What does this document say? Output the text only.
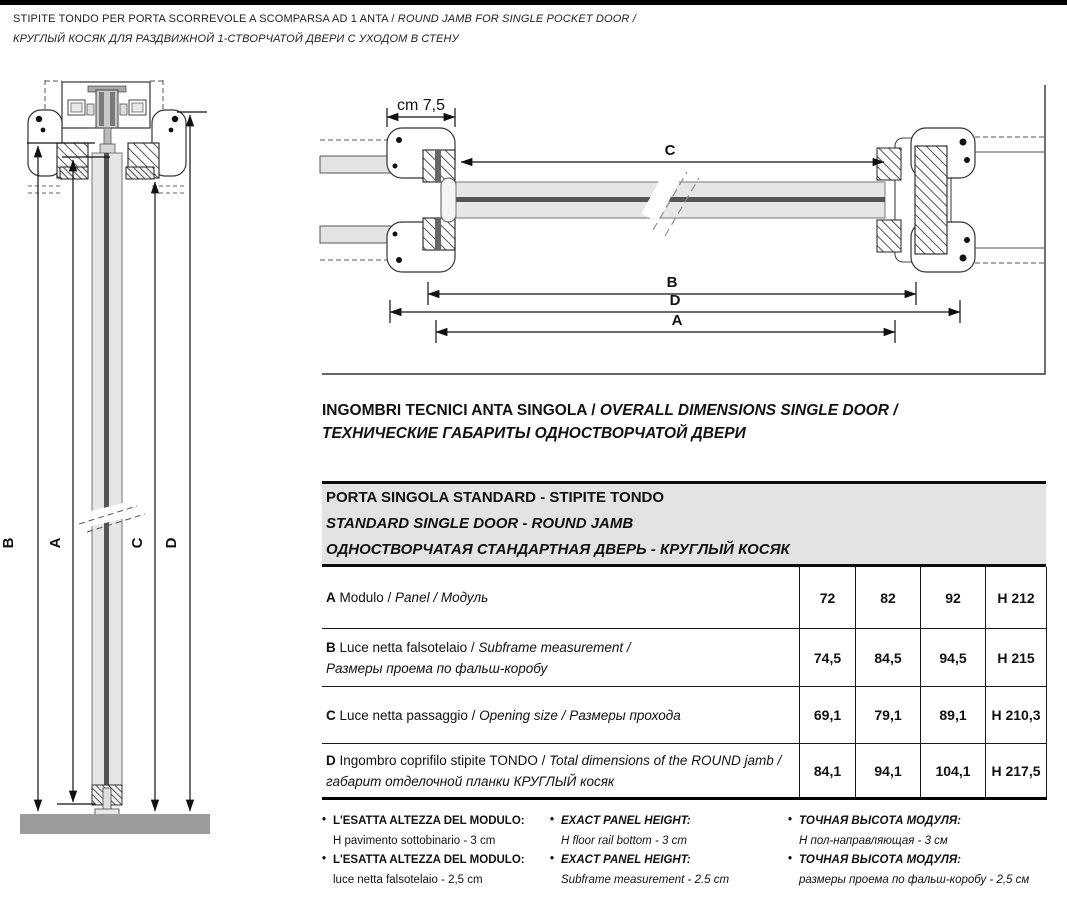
STIPITE TONDO PER PORTA SCORREVOLE A SCOMPARSA AD 1 ANTA / ROUND JAMB FOR SINGLE POCKET DOOR /
КРУГЛЫЙ КОСЯК ДЛЯ РАЗДВИЖНОЙ 1-СТВОРЧАТОЙ ДВЕРИ С УХОДОМ В СТЕНУ
B A	C D
cm 7,5
C
B
D
A
INGOMBRI TECNICI ANTA SINGOLA / OVERALL DIMENSIONS SINGLE DOOR /
ТЕХНИЧЕСКИЕ ГАБАРИТЫ ОДНОСТВОРЧАТОЙ ДВЕРИ
PORTA SINGOLA STANDARD - STIPITE TONDO
STANDARD SINGLE DOOR - ROUND JAMB
ОДНОСТВОРЧАТАЯ СТАНДАРТНАЯ ДВЕРЬ - КРУГЛЫЙ КОСЯК
A Modulo / Panel / Модуль	72	82	92	H 212
B Luce netta falsotelaio / Subframe measurement /
Размеры проема по фальш-коробу
74,5	84,5	94,5	H 215
C Luce netta passaggio / Opening size / Размеры прохода	69,1	79,1	89,1	H 210,3
D Ingombro coprifilo stipite TONDO / Total dimensions of the ROUND jamb /
габарит отделочной планки КРУГЛЫЙ косяк
84,1	94,1	104,1	H 217,5
• L'ESATTA ALTEZZA DEL MODULO:
H pavimento sottobinario - 3 cm
• L'ESATTA ALTEZZA DEL MODULO:
luce netta falsotelaio - 2,5 cm
• EXACT PANEL HEIGHT:
H floor rail bottom - 3 cm
• EXACT PANEL HEIGHT:
Subframe measurement - 2.5 cm
• ТОЧНАЯ ВЫСОТА МОДУЛЯ:
Н пол-направляющая - 3 см
• ТОЧНАЯ ВЫСОТА МОДУЛЯ:
размеры проема по фальш-коробу - 2,5 см
